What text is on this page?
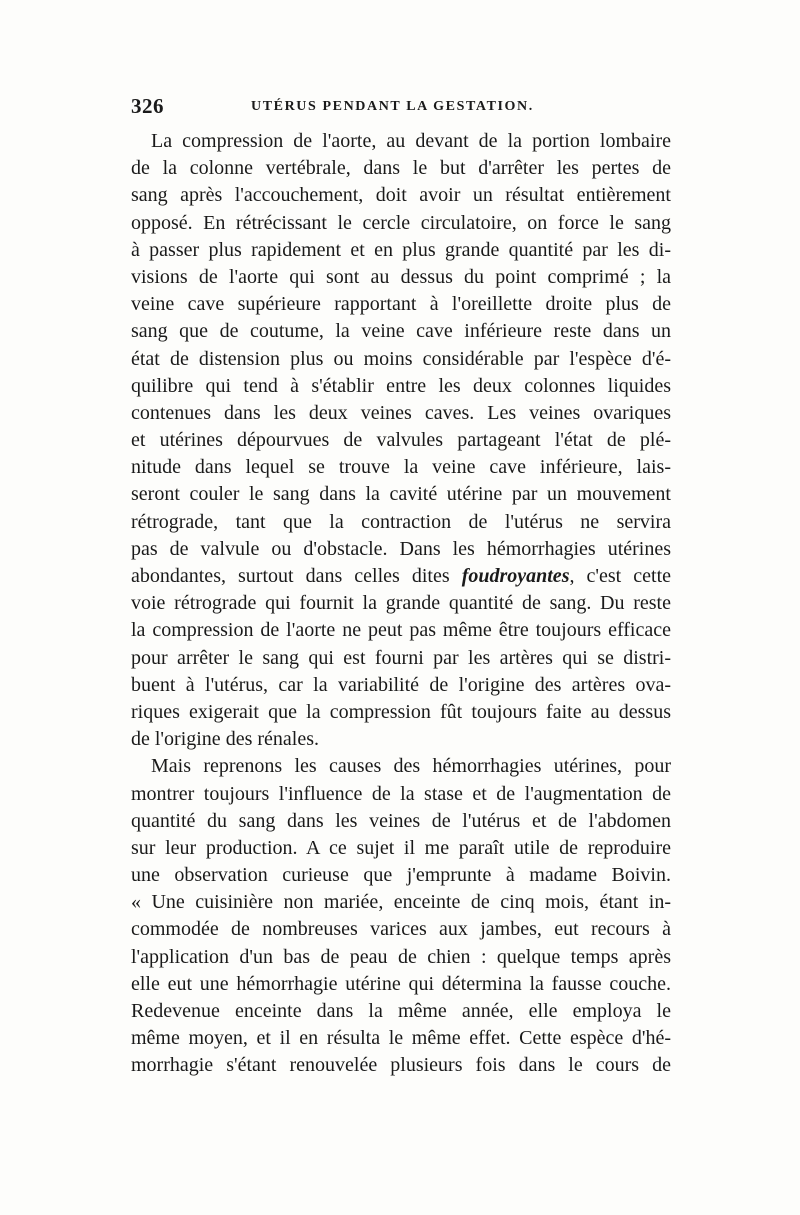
326	UTÉRUS PENDANT LA GESTATION.
La compression de l'aorte, au devant de la portion lombaire
de la colonne vertébrale, dans le but d'arrêter les pertes de
sang après l'accouchement, doit avoir un résultat entièrement
opposé. En rétrécissant le cercle circulatoire, on force le sang
à passer plus rapidement et en plus grande quantité par les di-
visions de l'aorte qui sont au dessus du point comprimé ; la
veine cave supérieure rapportant à l'oreillette droite plus de
sang que de coutume, la veine cave inférieure reste dans un
état de distension plus ou moins considérable par l'espèce d'é-
quilibre qui tend à s'établir entre les deux colonnes liquides
contenues dans les deux veines caves. Les veines ovariques
et utérines dépourvues de valvules partageant l'état de plé-
nitude dans lequel se trouve la veine cave inférieure, lais-
seront couler le sang dans la cavité utérine par un mouvement
rétrograde, tant que la contraction de l'utérus ne servira
pas de valvule ou d'obstacle. Dans les hémorrhagies utérines
abondantes, surtout dans celles dites foudroyantes, c'est cette
voie rétrograde qui fournit la grande quantité de sang. Du reste
la compression de l'aorte ne peut pas même être toujours efficace
pour arrêter le sang qui est fourni par les artères qui se distri-
buent à l'utérus, car la variabilité de l'origine des artères ova-
riques exigerait que la compression fût toujours faite au dessus
de l'origine des rénales.
Mais reprenons les causes des hémorrhagies utérines, pour
montrer toujours l'influence de la stase et de l'augmentation de
quantité du sang dans les veines de l'utérus et de l'abdomen
sur leur production. A ce sujet il me paraît utile de reproduire
une observation curieuse que j'emprunte à madame Boivin.
« Une cuisinière non mariée, enceinte de cinq mois, étant in-
commodée de nombreuses varices aux jambes, eut recours à
l'application d'un bas de peau de chien : quelque temps après
elle eut une hémorrhagie utérine qui détermina la fausse couche.
Redevenue enceinte dans la même année, elle employa le
même moyen, et il en résulta le même effet. Cette espèce d'hé-
morrhagie s'étant renouvelée plusieurs fois dans le cours de
